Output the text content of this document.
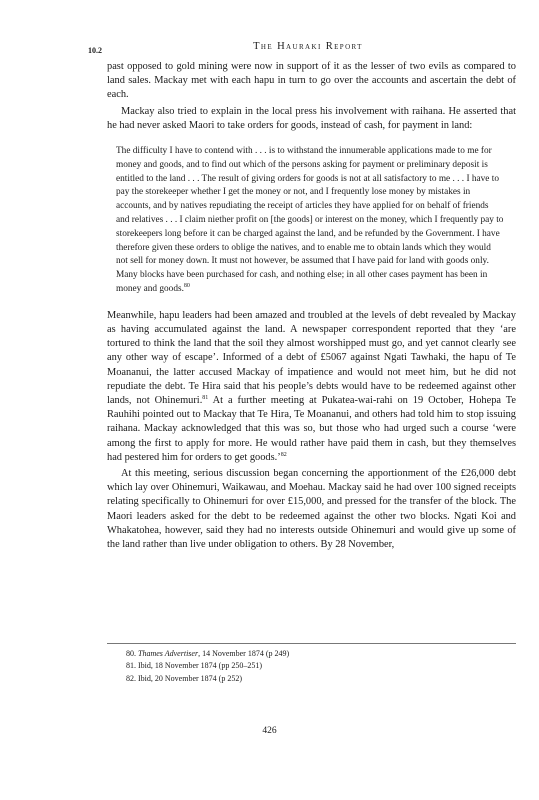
10.2	The Hauraki Report

past opposed to gold mining were now in support of it as the lesser of two evils as compared to land sales. Mackay met with each hapu in turn to go over the accounts and ascertain the debt of each.

Mackay also tried to explain in the local press his involvement with raihana. He asserted that he had never asked Maori to take orders for goods, instead of cash, for payment in land:

The difficulty I have to contend with . . . is to withstand the innumerable applications made to me for money and goods, and to find out which of the persons asking for payment or preliminary deposit is entitled to the land . . . The result of giving orders for goods is not at all satisfactory to me . . . I have to pay the storekeeper whether I get the money or not, and I frequently lose money by mistakes in accounts, and by natives repudiating the receipt of articles they have applied for on behalf of friends and relatives . . . I claim niether profit on [the goods] or interest on the money, which I frequently pay to storekeepers long before it can be charged against the land, and be refunded by the Government. I have therefore given these orders to oblige the natives, and to enable me to obtain lands which they would not sell for money down. It must not however, be assumed that I have paid for land with goods only. Many blocks have been purchased for cash, and nothing else; in all other cases payment has been in money and goods.$^{80}$

Meanwhile, hapu leaders had been amazed and troubled at the levels of debt revealed by Mackay as having accumulated against the land. A newspaper correspondent reported that they ‘are tortured to think the land that the soil they almost worshipped must go, and yet cannot clearly see any other way of escape’. Informed of a debt of £5067 against Ngati Tawhaki, the hapu of Te Moananui, the latter accused Mackay of impatience and would not meet him, but he did not repudiate the debt. Te Hira said that his people’s debts would have to be redeemed against other lands, not Ohinemuri.$^{81}$ At a further meeting at Pukatea-wai-rahi on 19 October, Hohepa Te Rauhihi pointed out to Mackay that Te Hira, Te Moananui, and others had told him to stop issuing raihana. Mackay acknowledged that this was so, but those who had urged such a course ‘were among the first to apply for more. He would rather have paid them in cash, but they themselves had pestered him for orders to get goods.’$^{82}$

At this meeting, serious discussion began concerning the apportionment of the £26,000 debt which lay over Ohinemuri, Waikawau, and Moehau. Mackay said he had over 100 signed receipts relating specifically to Ohinemuri for over £15,000, and pressed for the transfer of the block. The Maori leaders asked for the debt to be redeemed against the other two blocks. Ngati Koi and Whakatohea, however, said they had no interests outside Ohinemuri and would give up some of the land rather than live under obligation to others. By 28 November,

80. Thames Advertiser, 14 November 1874 (p 249)
81. Ibid, 18 November 1874 (pp 250–251)
82. Ibid, 20 November 1874 (p 252)
426
